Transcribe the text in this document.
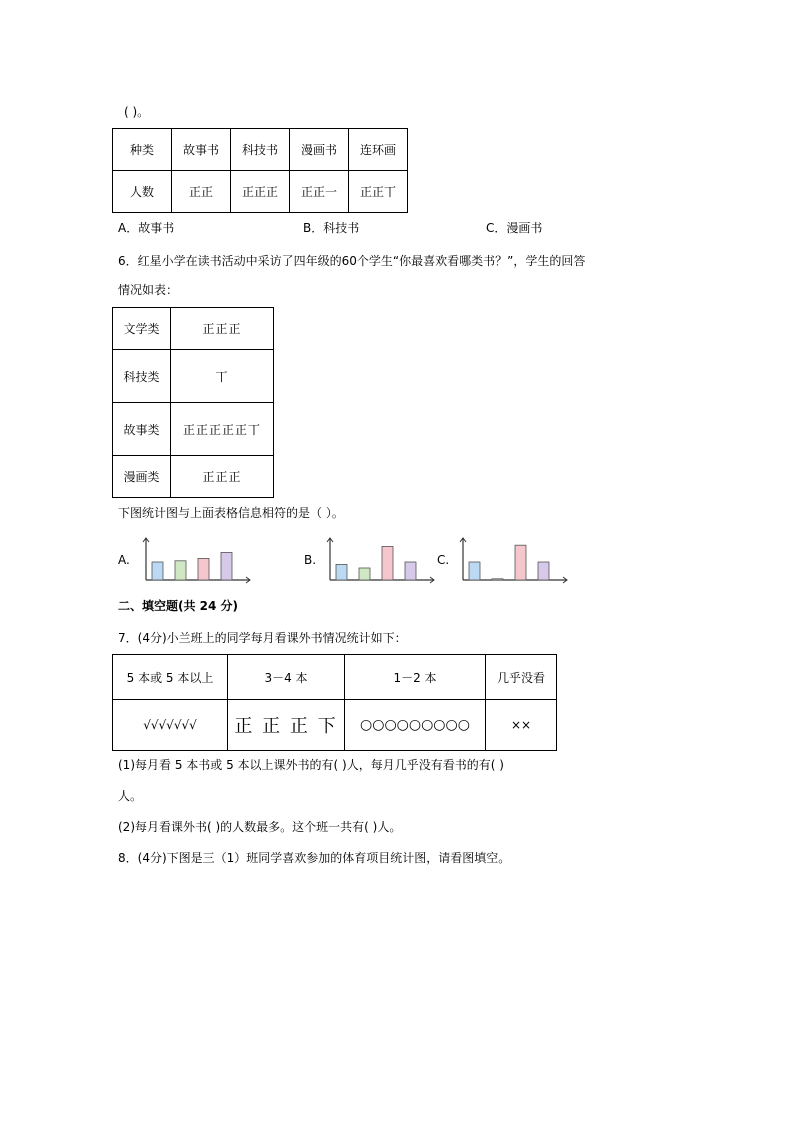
( )。
种类	故事书	科技书	漫画书	连环画
人数	正正	正正正	正正一	正正丅
A．故事书	B．科技书	C．漫画书
6．红星小学在读书活动中采访了四年级的60个学生“你最喜欢看哪类书？”，学生的回答
情况如表：
文学类	正正正
科技类	丅
故事类	正正正正正丅
漫画类	正正正
下图统计图与上面表格信息相符的是（ ）。
A.	B.	C.
二、填空题(共 24 分)
7．(4分)小兰班上的同学每月看课外书情况统计如下：
5 本或 5 本以上	3－4 本	1－2 本	几乎没看
√√√√√√√	正 正 正 下	○○○○○○○○○	××
(1)每月看 5 本书或 5 本以上课外书的有( )人，每月几乎没有看书的有( )
人。
(2)每月看课外书( )的人数最多。这个班一共有( )人。
8．(4分)下图是三（1）班同学喜欢参加的体育项目统计图，请看图填空。
